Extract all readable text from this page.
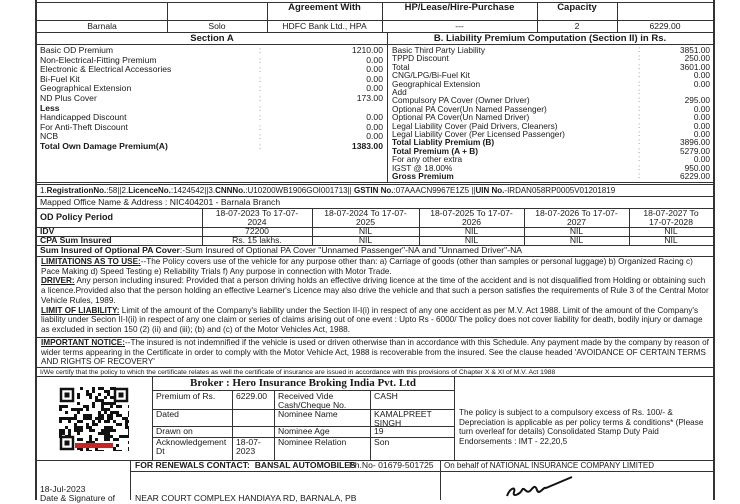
Agreement With	HP/Lease/Hire-Purchase	Capacity
Barnala	Solo	HDFC Bank Ltd., HPA	---	2	6229.00
Section A	B. Liability Premium Computation (Section II) in Rs.
Basic OD Premium	:	1210.00
Non-Electrical-Fitting Premium	:	0.00
Electronic & Electrical Accessories	:	0.00
Bi-Fuel Kit	:	0.00
Geographical Extension	:	0.00
ND Plus Cover	:	173.00
Less	:
Handicapped Discount	:	0.00
For Anti-Theft Discount	:	0.00
NCB	:	0.00
Total Own Damage Premium(A)	:	1383.00
Basic Third Party Liability	:	3851.00
TPPD Discount	:	250.00
Total	:	3601.00
CNG/LPG/Bi-Fuel Kit	:	0.00
Geographical Extension	:	0.00
Add	:
Compulsory PA Cover (Owner Driver)	:	295.00
Optional PA Cover(Un Named Passenger)	:	0.00
Optional PA Cover(Un Named Driver)	:	0.00
Legal Liability Cover (Paid Drivers, Cleaners)	:	0.00
Legal Liability Cover (Per Licensed Passenger)	:	0.00
Total Liablity Premium (B)	:	3896.00
Total Premium (A + B)	:	5279.00
For any other extra	:	0.00
IGST @ 18.00%	:	950.00
Gross Premium	:	6229.00
1.RegistrationNo.:58||2.LicenceNo.:1424542||3.CNNNo.:U10200WB1906GOI001713|| GSTIN No.:07AAACN9967E1Z5 ||UIN No.-IRDAN058RP0005V01201819
Mapped Office Name & Address : NIC404201 - Barnala Branch
OD Policy Period	18-07-2023 To 17-07-2024
72200
Rs. 15 lakhs.
18-07-2024 To 17-07-2025
NIL
NIL
18-07-2025 To 17-07-2026
NIL
NIL
18-07-2026 To 17-07-2027
NIL
NIL
18-07-2027 To 17-07-2028
NIL
NIL
IDV
CPA Sum Insured
Sum Insured of Optional PA Cover:-Sum Insured of Optional PA Cover "Unnamed Passenger"-NA and "Unnamed Driver"-NA
LIMITATIONS AS TO USE:--The Policy covers use of the vehicle for any purpose other than: a) Carriage of goods (other than samples or personal luggage) b) Organized Racing c) Pace Making d) Speed Testing e) Reliability Trials f) Any purpose in connection with Motor Trade.
DRIVER: Any person including insured: Provided that a person driving holds an effective driving licence at the time of the accident and is not disqualified from Holding or obtaining such a licence.Provided also that the person holding an effective Learner's Licence may also drive the vehicle and that such a person satisfies the requirements of Rule 3 of the Central Motor Vehicle Rules, 1989.
LIMIT OF LIABILITY: Limit of the amount of the Company's liability under the Section II-I(i) in respect of any one accident as per M.V. Act 1988. Limit of the amount of the Company's liability under Secion II-I(ii) in respect of any one claim or series of claims arising out of one event : Upto Rs - 6000/ The policy does not cover liability for death, bodily injury or damage as excluded in section 150 (2) (ii) and (iii); (b) and (c) of the Motor Vehicles Act, 1988.
IMPORTANT NOTICE:--The insured is not indemnified if the vehicle is used or driven otherwise than in accordance with this Schedule. Any payment made by the company by reason of wider terms appearing in the Certificate in order to comply with the Motor Vehicle Act, 1988 is recoverable from the insured. See the clause headed 'AVOIDANCE OF CERTAIN TERMS AND RIGHTS OF RECOVERY'
I/We certify that the policy to which the certificate relates as well the certificate of insurance are issued in accordance with this provisions of Chapter X & XI of M.V. Act 1988
Broker : Hero Insurance Broking India Pvt. Ltd
Premium of Rs.	6229.00	Received Vide Cash/Cheque No.
CASH
Dated	Nominee Name	KAMALPREET SINGH
Drawn on	Nominee Age	19
Acknowledgement Dt
18-07-2023
Nominee Relation	Son
The policy is subject to a compulsory excess of Rs. 100/- & Depreciation is applicable as per policy terms & conditions* (Please turn overleaf for details) Consolidated Stamp Duty Paid Endorsements : IMT - 22,20,5
FOR RENEWALS CONTACT: BANSAL AUTOMOBILES
Ph.No- 01679-501725 On behalf of NATIONAL INSURANCE COMPANY LIMITED
18-Jul-2023
Date & Signature of NEAR COURT COMPLEX HANDIAYA RD, BARNALA, PB
